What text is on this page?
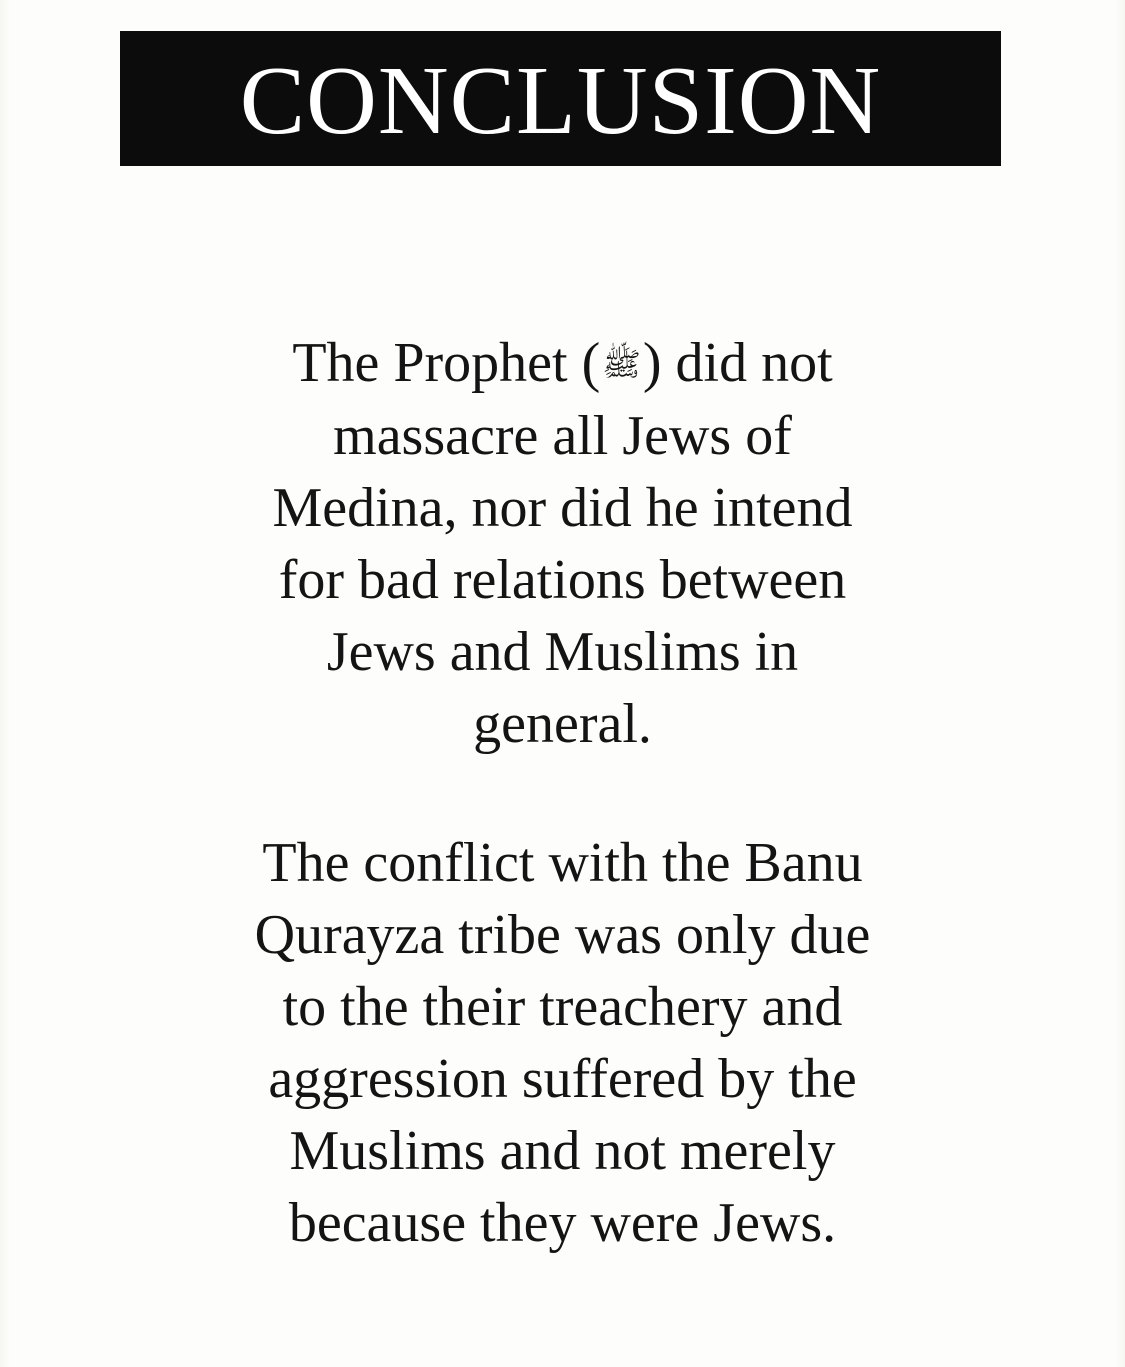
CONCLUSION
The Prophet (ﷺ) did not
massacre all Jews of
Medina, nor did he intend
for bad relations between
Jews and Muslims in
general.
The conflict with the Banu
Qurayza tribe was only due
to the their treachery and
aggression suffered by the
Muslims and not merely
because they were Jews.
